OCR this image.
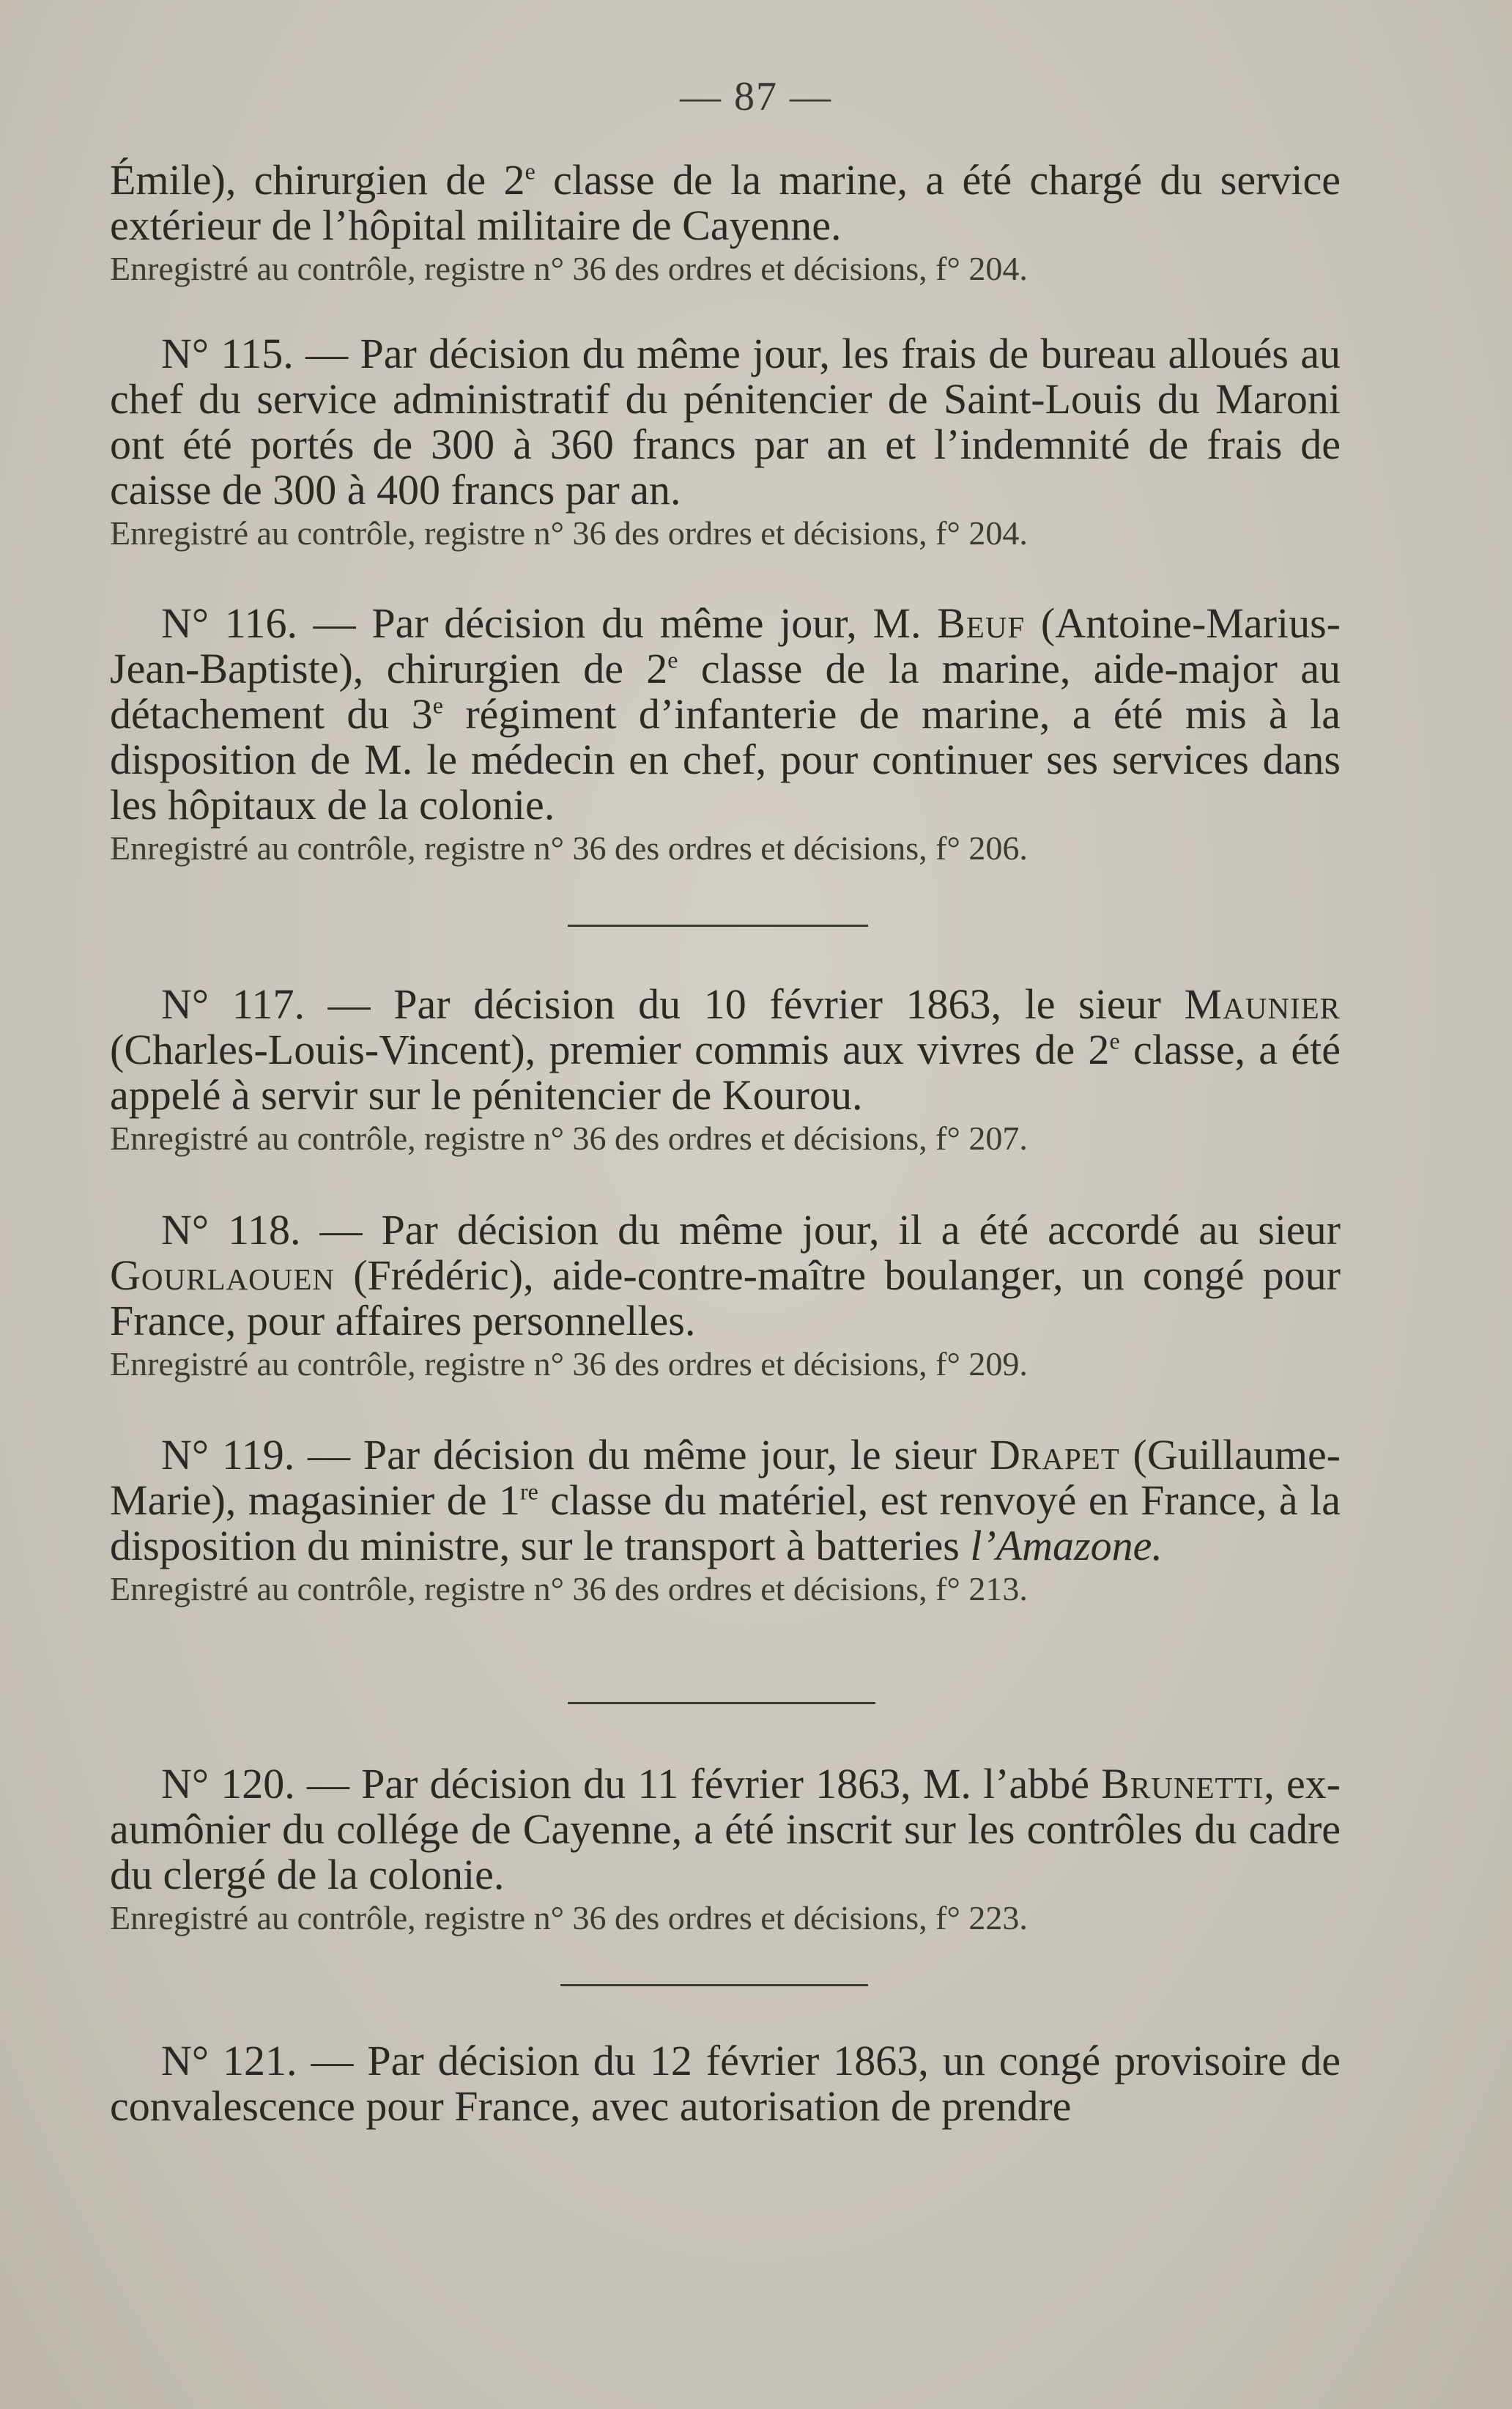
— 87 —

Émile), chirurgien de 2e classe de la marine, a été chargé du service extérieur de l’hôpital militaire de Cayenne.

Enregistré au contrôle, registre n° 36 des ordres et décisions, f° 204.

N° 115. — Par décision du même jour, les frais de bureau alloués au chef du service administratif du pénitencier de Saint-Louis du Maroni ont été portés de 300 à 360 francs par an et l’indemnité de frais de caisse de 300 à 400 francs par an.

Enregistré au contrôle, registre n° 36 des ordres et décisions, f° 204.

N° 116. — Par décision du même jour, M. Beuf (Antoine-Marius-Jean-Baptiste), chirurgien de 2e classe de la marine, aide-major au détachement du 3e régiment d’infanterie de marine, a été mis à la disposition de M. le médecin en chef, pour continuer ses services dans les hôpitaux de la colonie.

Enregistré au contrôle, registre n° 36 des ordres et décisions, f° 206.

N° 117. — Par décision du 10 février 1863, le sieur Maunier (Charles-Louis-Vincent), premier commis aux vivres de 2e classe, a été appelé à servir sur le pénitencier de Kourou.

Enregistré au contrôle, registre n° 36 des ordres et décisions, f° 207.

N° 118. — Par décision du même jour, il a été accordé au sieur Gourlaouen (Frédéric), aide-contre-maître boulanger, un congé pour France, pour affaires personnelles.

Enregistré au contrôle, registre n° 36 des ordres et décisions, f° 209.

N° 119. — Par décision du même jour, le sieur Drapet (Guillaume-Marie), magasinier de 1re classe du matériel, est renvoyé en France, à la disposition du ministre, sur le transport à batteries l’Amazone.

Enregistré au contrôle, registre n° 36 des ordres et décisions, f° 213.

N° 120. — Par décision du 11 février 1863, M. l’abbé Brunetti, ex-aumônier du collége de Cayenne, a été inscrit sur les contrôles du cadre du clergé de la colonie.

Enregistré au contrôle, registre n° 36 des ordres et décisions, f° 223.

N° 121. — Par décision du 12 février 1863, un congé provisoire de convalescence pour France, avec autorisation de prendre
